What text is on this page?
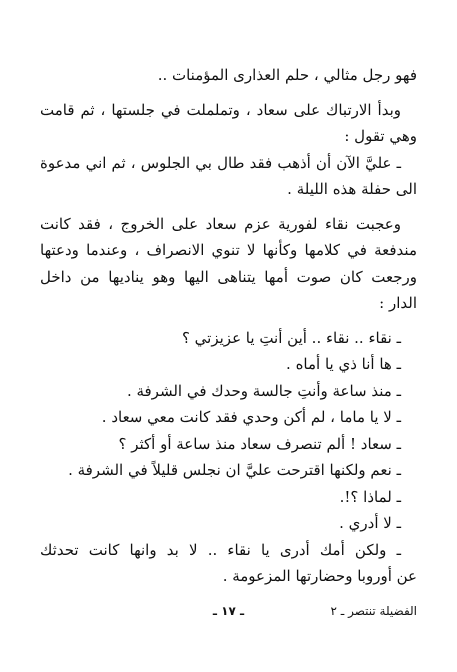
فهو رجل مثالي ، حلم العذارى المؤمنات ..
وبدأ الارتباك على سعاد ، وتململت في جلستها ، ثم قامت
وهي تقول :
ـ عليَّ الآن أن أذهب فقد طال بي الجلوس ، ثم اني مدعوة
الى حفلة هذه الليلة .
وعجبت نقاء لفورية عزم سعاد على الخروج ، فقد كانت
مندفعة في كلامها وكأنها لا تنوي الانصراف ، وعندما ودعتها
ورجعت كان صوت أمها يتناهى اليها وهو يناديها من داخل
الدار :
ـ نقاء .. نقاء .. أين أنتِ يا عزيزتي ؟
ـ ها أنا ذي يا أماه .
ـ منذ ساعة وأنتِ جالسة وحدك في الشرفة .
ـ لا يا ماما ، لم أكن وحدي فقد كانت معي سعاد .
ـ سعاد ! ألم تنصرف سعاد منذ ساعة أو أكثر ؟
ـ نعم ولكنها اقترحت عليَّ ان نجلس قليلاً في الشرفة .
ـ لماذا ؟!.
ـ لا أدري .
ـ ولكن أمك أدرى يا نقاء .. لا بد وانها كانت تحدثك
عن أوروبا وحضارتها المزعومة .
الفضيلة تنتصر ـ ٢
ـ ١٧ ـ
